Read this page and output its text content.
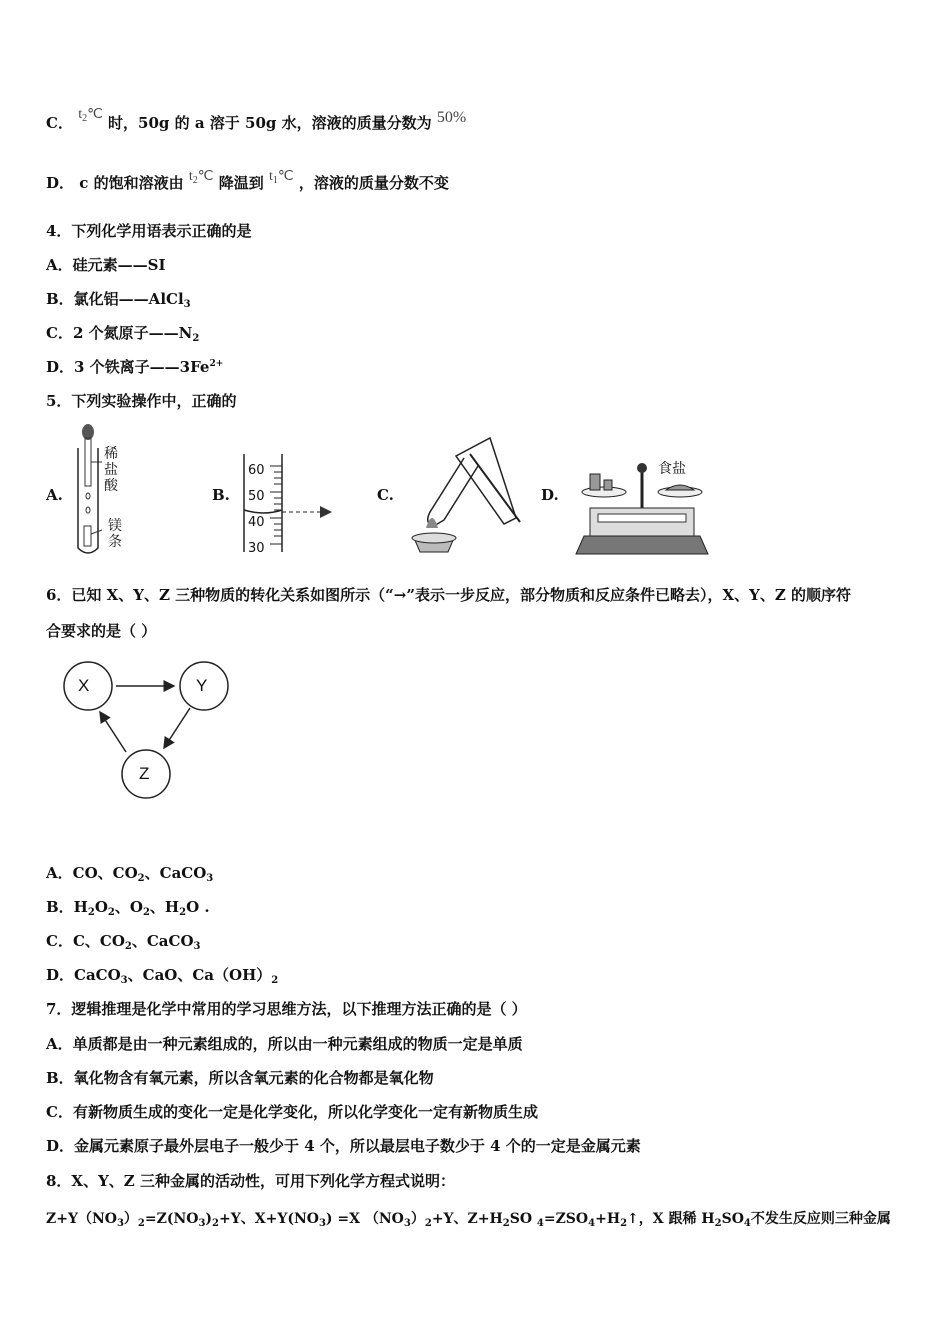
C． $t_2℃$ 时，50g 的 a 溶于 50g 水，溶液的质量分数为 50%
D． c 的饱和溶液由 $t_2℃$ 降温到 $t_1℃$ ，溶液的质量分数不变
4．下列化学用语表示正确的是
A．硅元素——SI
B．氯化铝——AlCl$_3$
C．2 个氮原子$——N_2$
D．3 个铁离子$——3Fe^{2+}$
5．下列实验操作中，正确的
A.
稀
盐
酸
镁
条
B.
60
50
40
30
C.	D.
食盐
6．已知 X、Y、Z 三种物质的转化关系如图所示（“→”表示一步反应，部分物质和反应条件已略去），X、Y、Z 的顺序符
合要求的是（ ）
X	Y
Z
A．CO、$CO_2$、CaCO$_3$
B．$H_2O_2$、$O_2$、$H_2O$ .
C．C、$CO_2$、CaCO$_3$
D．CaCO$_3$、CaO、$Ca(OH)_2$
7．逻辑推理是化学中常用的学习思维方法，以下推理方法正确的是（ ）
A．单质都是由一种元素组成的，所以由一种元素组成的物质一定是单质
B．氧化物含有氧元素，所以含氧元素的化合物都是氧化物
C．有新物质生成的变化一定是化学变化，所以化学变化一定有新物质生成
D．金属元素原子最外层电子一般少于 4 个，所以最层电子数少于 4 个的一定是金属元素
8．X、Y、Z 三种金属的活动性，可用下列化学方程式说明：
$Z+Y(NO_3)_2=Z(NO_3)_2+Y$、$X+Y(NO_3) =X$ $(NO_3)_2+Y$、$Z+H_2SO$ $_4=ZSO_4+H_2↑$，X 跟稀 $H_2SO_4$不发生反应则三种金属
